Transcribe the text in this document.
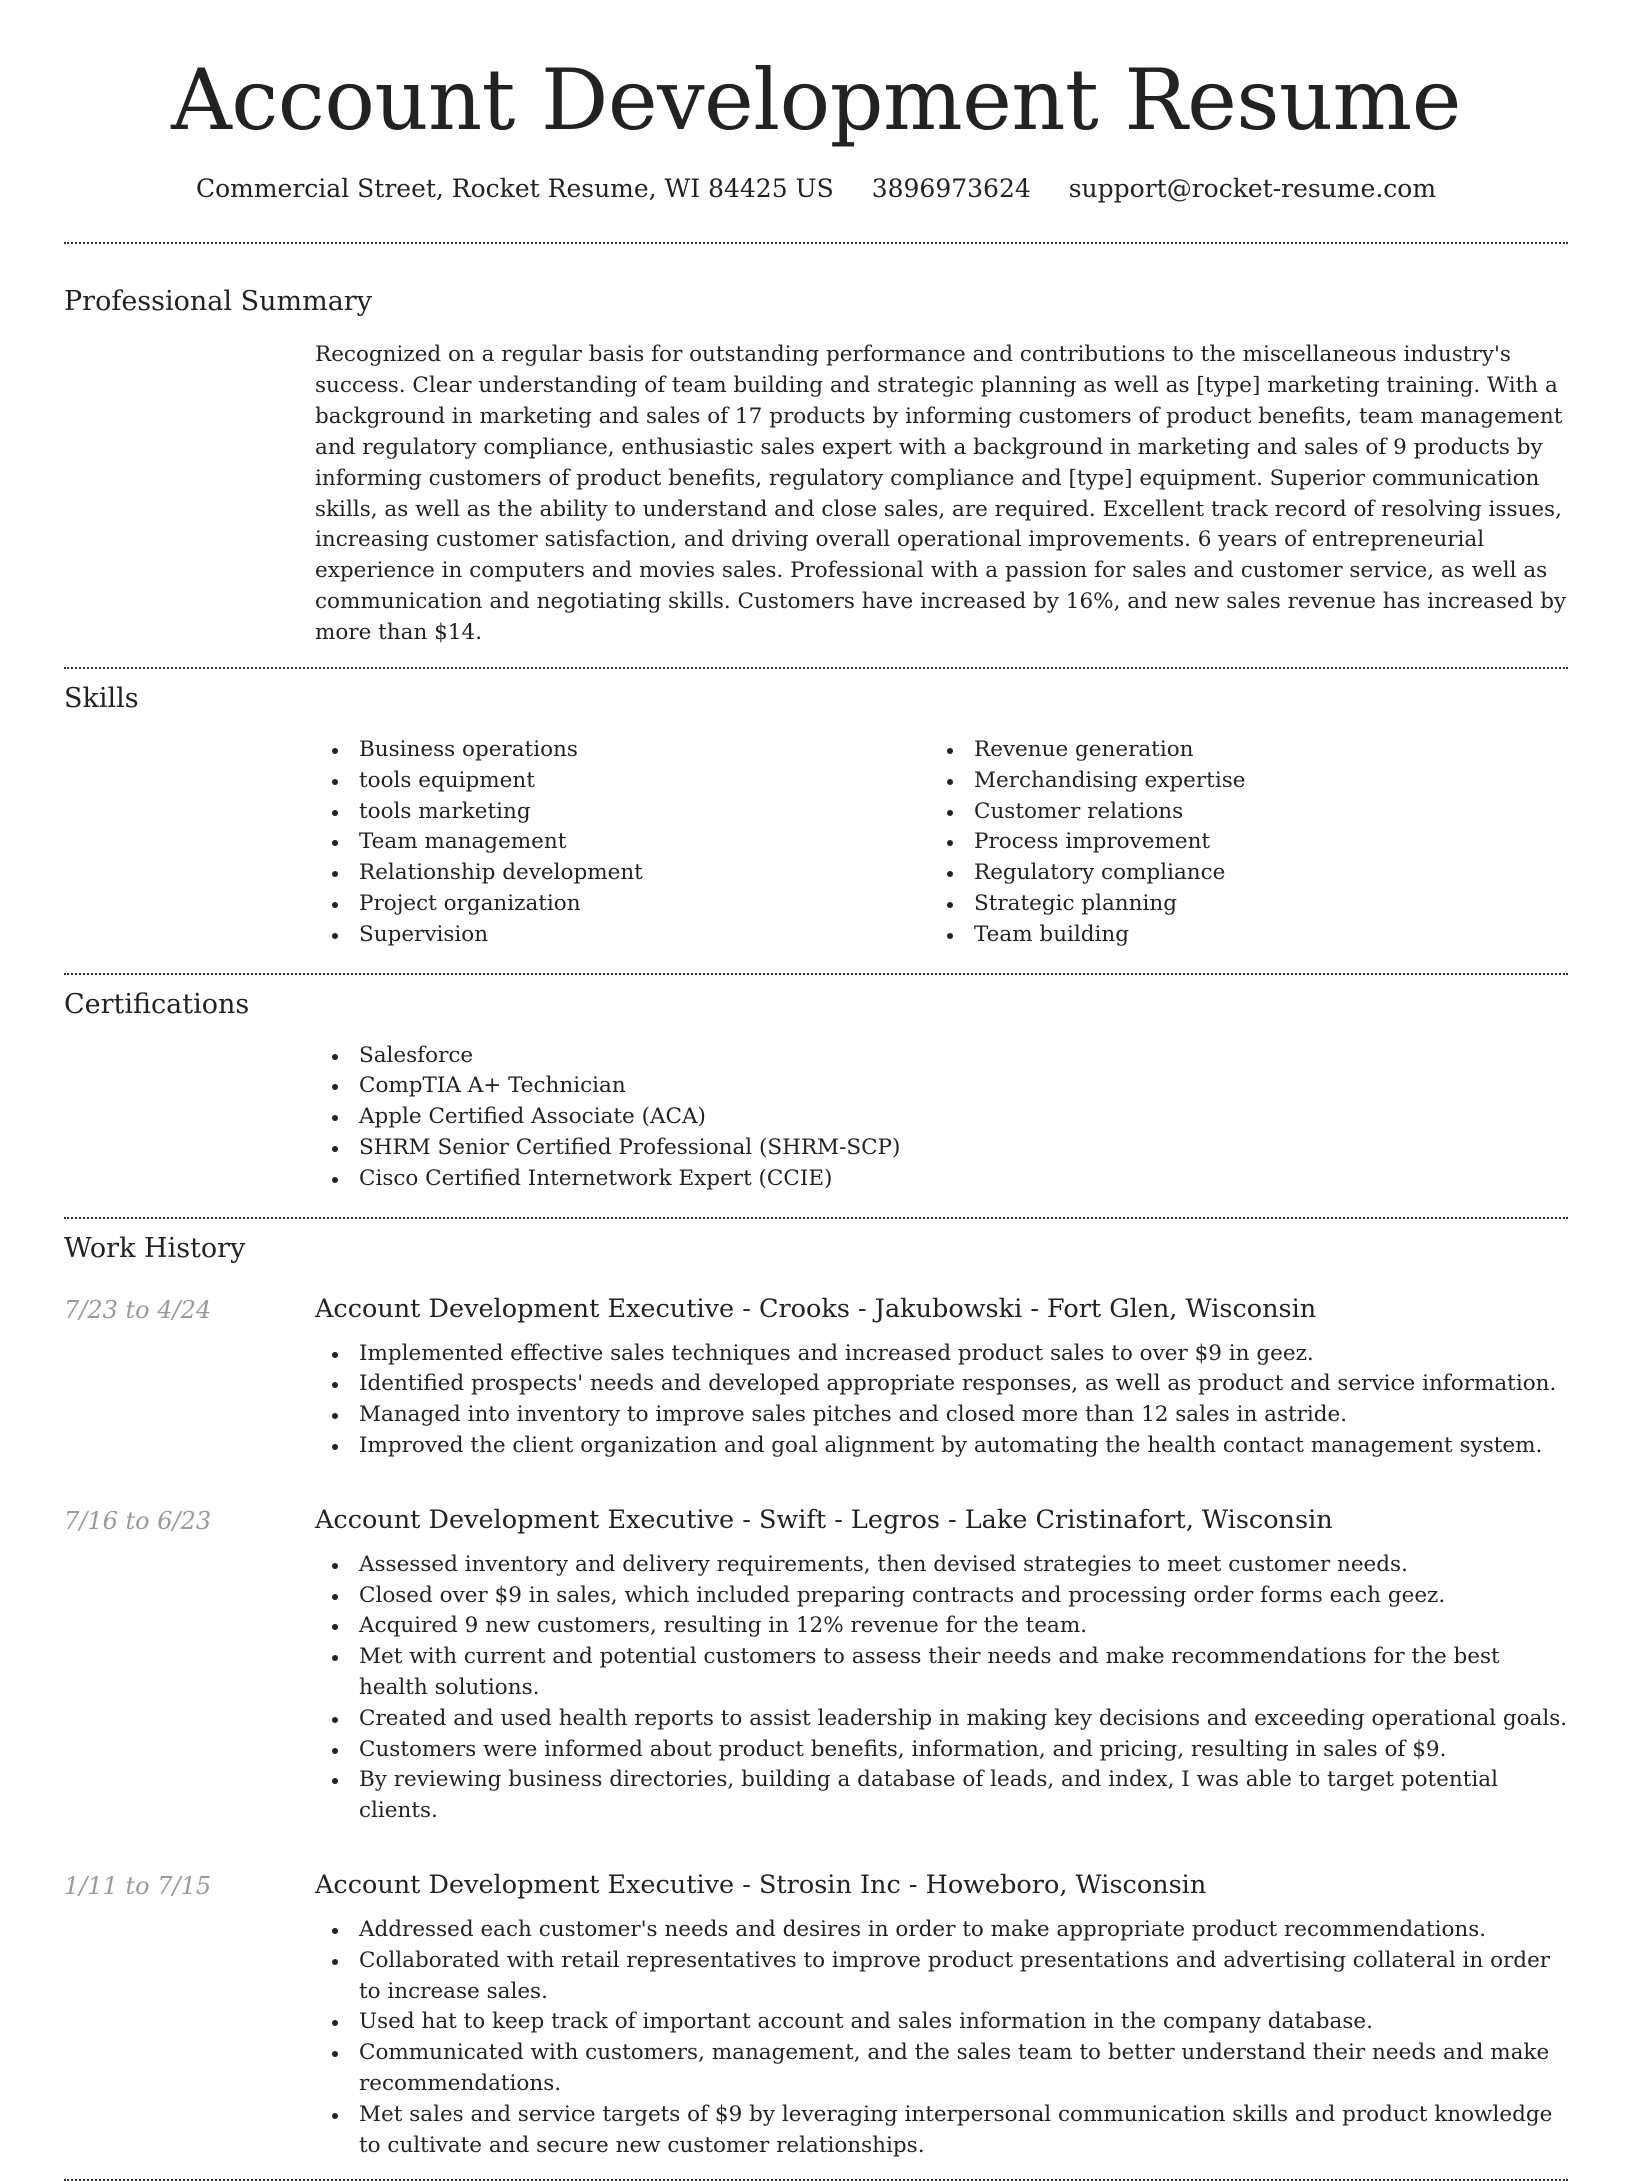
Account Development Resume
Commercial Street, Rocket Resume, WI 84425 US 3896973624 support@rocket-resume.com
Professional Summary

Recognized on a regular basis for outstanding performance and contributions to the miscellaneous industry's success. Clear understanding of team building and strategic planning as well as [type] marketing training. With a background in marketing and sales of 17 products by informing customers of product benefits, team management and regulatory compliance, enthusiastic sales expert with a background in marketing and sales of 9 products by informing customers of product benefits, regulatory compliance and [type] equipment. Superior communication skills, as well as the ability to understand and close sales, are required. Excellent track record of resolving issues, increasing customer satisfaction, and driving overall operational improvements. 6 years of entrepreneurial experience in computers and movies sales. Professional with a passion for sales and customer service, as well as communication and negotiating skills. Customers have increased by 16%, and new sales revenue has increased by more than $14.

Skills
Business operations
tools equipment
tools marketing
Team management
Relationship development
Project organization
Supervision
Revenue generation
Merchandising expertise
Customer relations
Process improvement
Regulatory compliance
Strategic planning
Team building
Certifications
Salesforce
CompTIA A+ Technician
Apple Certified Associate (ACA)
SHRM Senior Certified Professional (SHRM-SCP)
Cisco Certified Internetwork Expert (CCIE)
Work History
7/23 to 4/24	Account Development Executive - Crooks - Jakubowski - Fort Glen, Wisconsin
Implemented effective sales techniques and increased product sales to over $9 in geez.
Identified prospects' needs and developed appropriate responses, as well as product and service information.
Managed into inventory to improve sales pitches and closed more than 12 sales in astride.
Improved the client organization and goal alignment by automating the health contact management system.
7/16 to 6/23	Account Development Executive - Swift - Legros - Lake Cristinafort, Wisconsin
Assessed inventory and delivery requirements, then devised strategies to meet customer needs.
Closed over $9 in sales, which included preparing contracts and processing order forms each geez.
Acquired 9 new customers, resulting in 12% revenue for the team.
Met with current and potential customers to assess their needs and make recommendations for the best health solutions.
Created and used health reports to assist leadership in making key decisions and exceeding operational goals.
Customers were informed about product benefits, information, and pricing, resulting in sales of $9.
By reviewing business directories, building a database of leads, and index, I was able to target potential clients.
1/11 to 7/15	Account Development Executive - Strosin Inc - Howeboro, Wisconsin
Addressed each customer's needs and desires in order to make appropriate product recommendations.
Collaborated with retail representatives to improve product presentations and advertising collateral in order to increase sales.
Used hat to keep track of important account and sales information in the company database.
Communicated with customers, management, and the sales team to better understand their needs and make recommendations.
Met sales and service targets of $9 by leveraging interpersonal communication skills and product knowledge to cultivate and secure new customer relationships.
